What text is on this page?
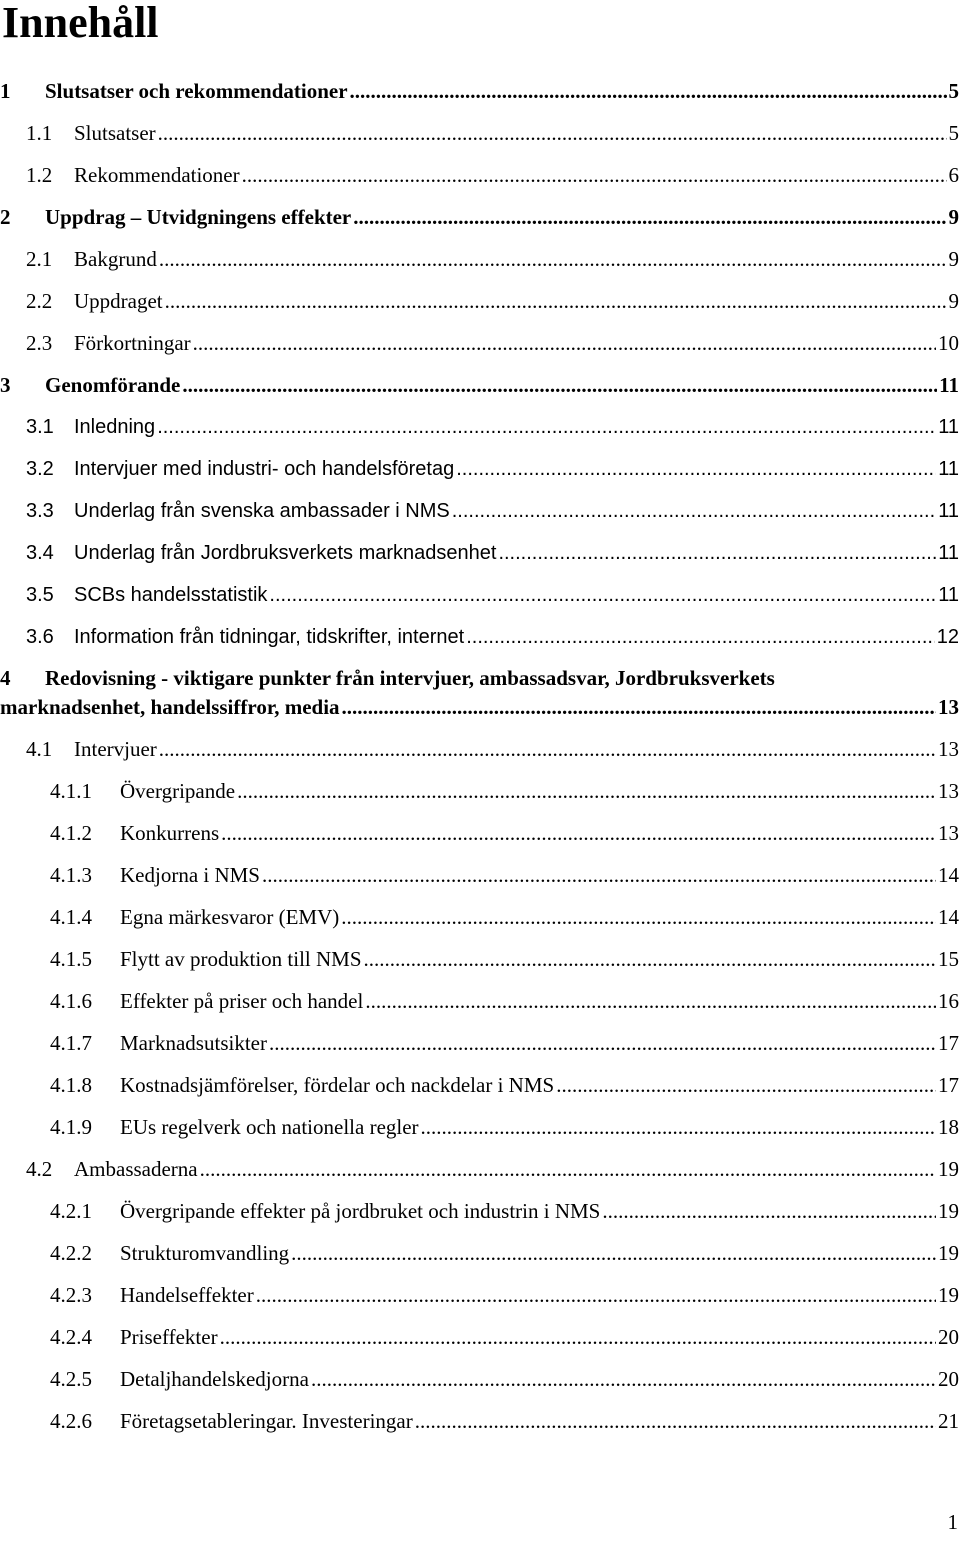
Innehåll
1	Slutsatser och rekommendationer .....	5
1.1	Slutsatser .....	5
1.2	Rekommendationer .....	6
2	Uppdrag – Utvidgningens effekter .....	9
2.1	Bakgrund .....	9
2.2	Uppdraget .....	9
2.3	Förkortningar .....	10
3	Genomförande .....	11
3.1	Inledning .....	11
3.2	Intervjuer med industri- och handelsföretag .....	11
3.3	Underlag från svenska ambassader i NMS .....	11
3.4	Underlag från Jordbruksverkets marknadsenhet .....	11
3.5	SCBs handelsstatistik .....	11
3.6	Information från tidningar, tidskrifter, internet .....	12
4	Redovisning - viktigare punkter från intervjuer, ambassadsvar, Jordbruksverkets
marknadsenhet, handelssiffror, media .....	13
4.1	Intervjuer .....	13
4.1.1	Övergripande .....	13
4.1.2	Konkurrens .....	13
4.1.3	Kedjorna i NMS .....	14
4.1.4	Egna märkesvaror (EMV) .....	14
4.1.5	Flytt av produktion till NMS .....	15
4.1.6	Effekter på priser och handel .....	16
4.1.7	Marknadsutsikter .....	17
4.1.8	Kostnadsjämförelser, fördelar och nackdelar i NMS .....	17
4.1.9	EUs regelverk och nationella regler .....	18
4.2	Ambassaderna .....	19
4.2.1	Övergripande effekter på jordbruket och industrin i NMS .....	19
4.2.2	Strukturomvandling .....	19
4.2.3	Handelseffekter .....	19
4.2.4	Priseffekter .....	20
4.2.5	Detaljhandelskedjorna .....	20
4.2.6	Företagsetableringar. Investeringar .....	21
1
